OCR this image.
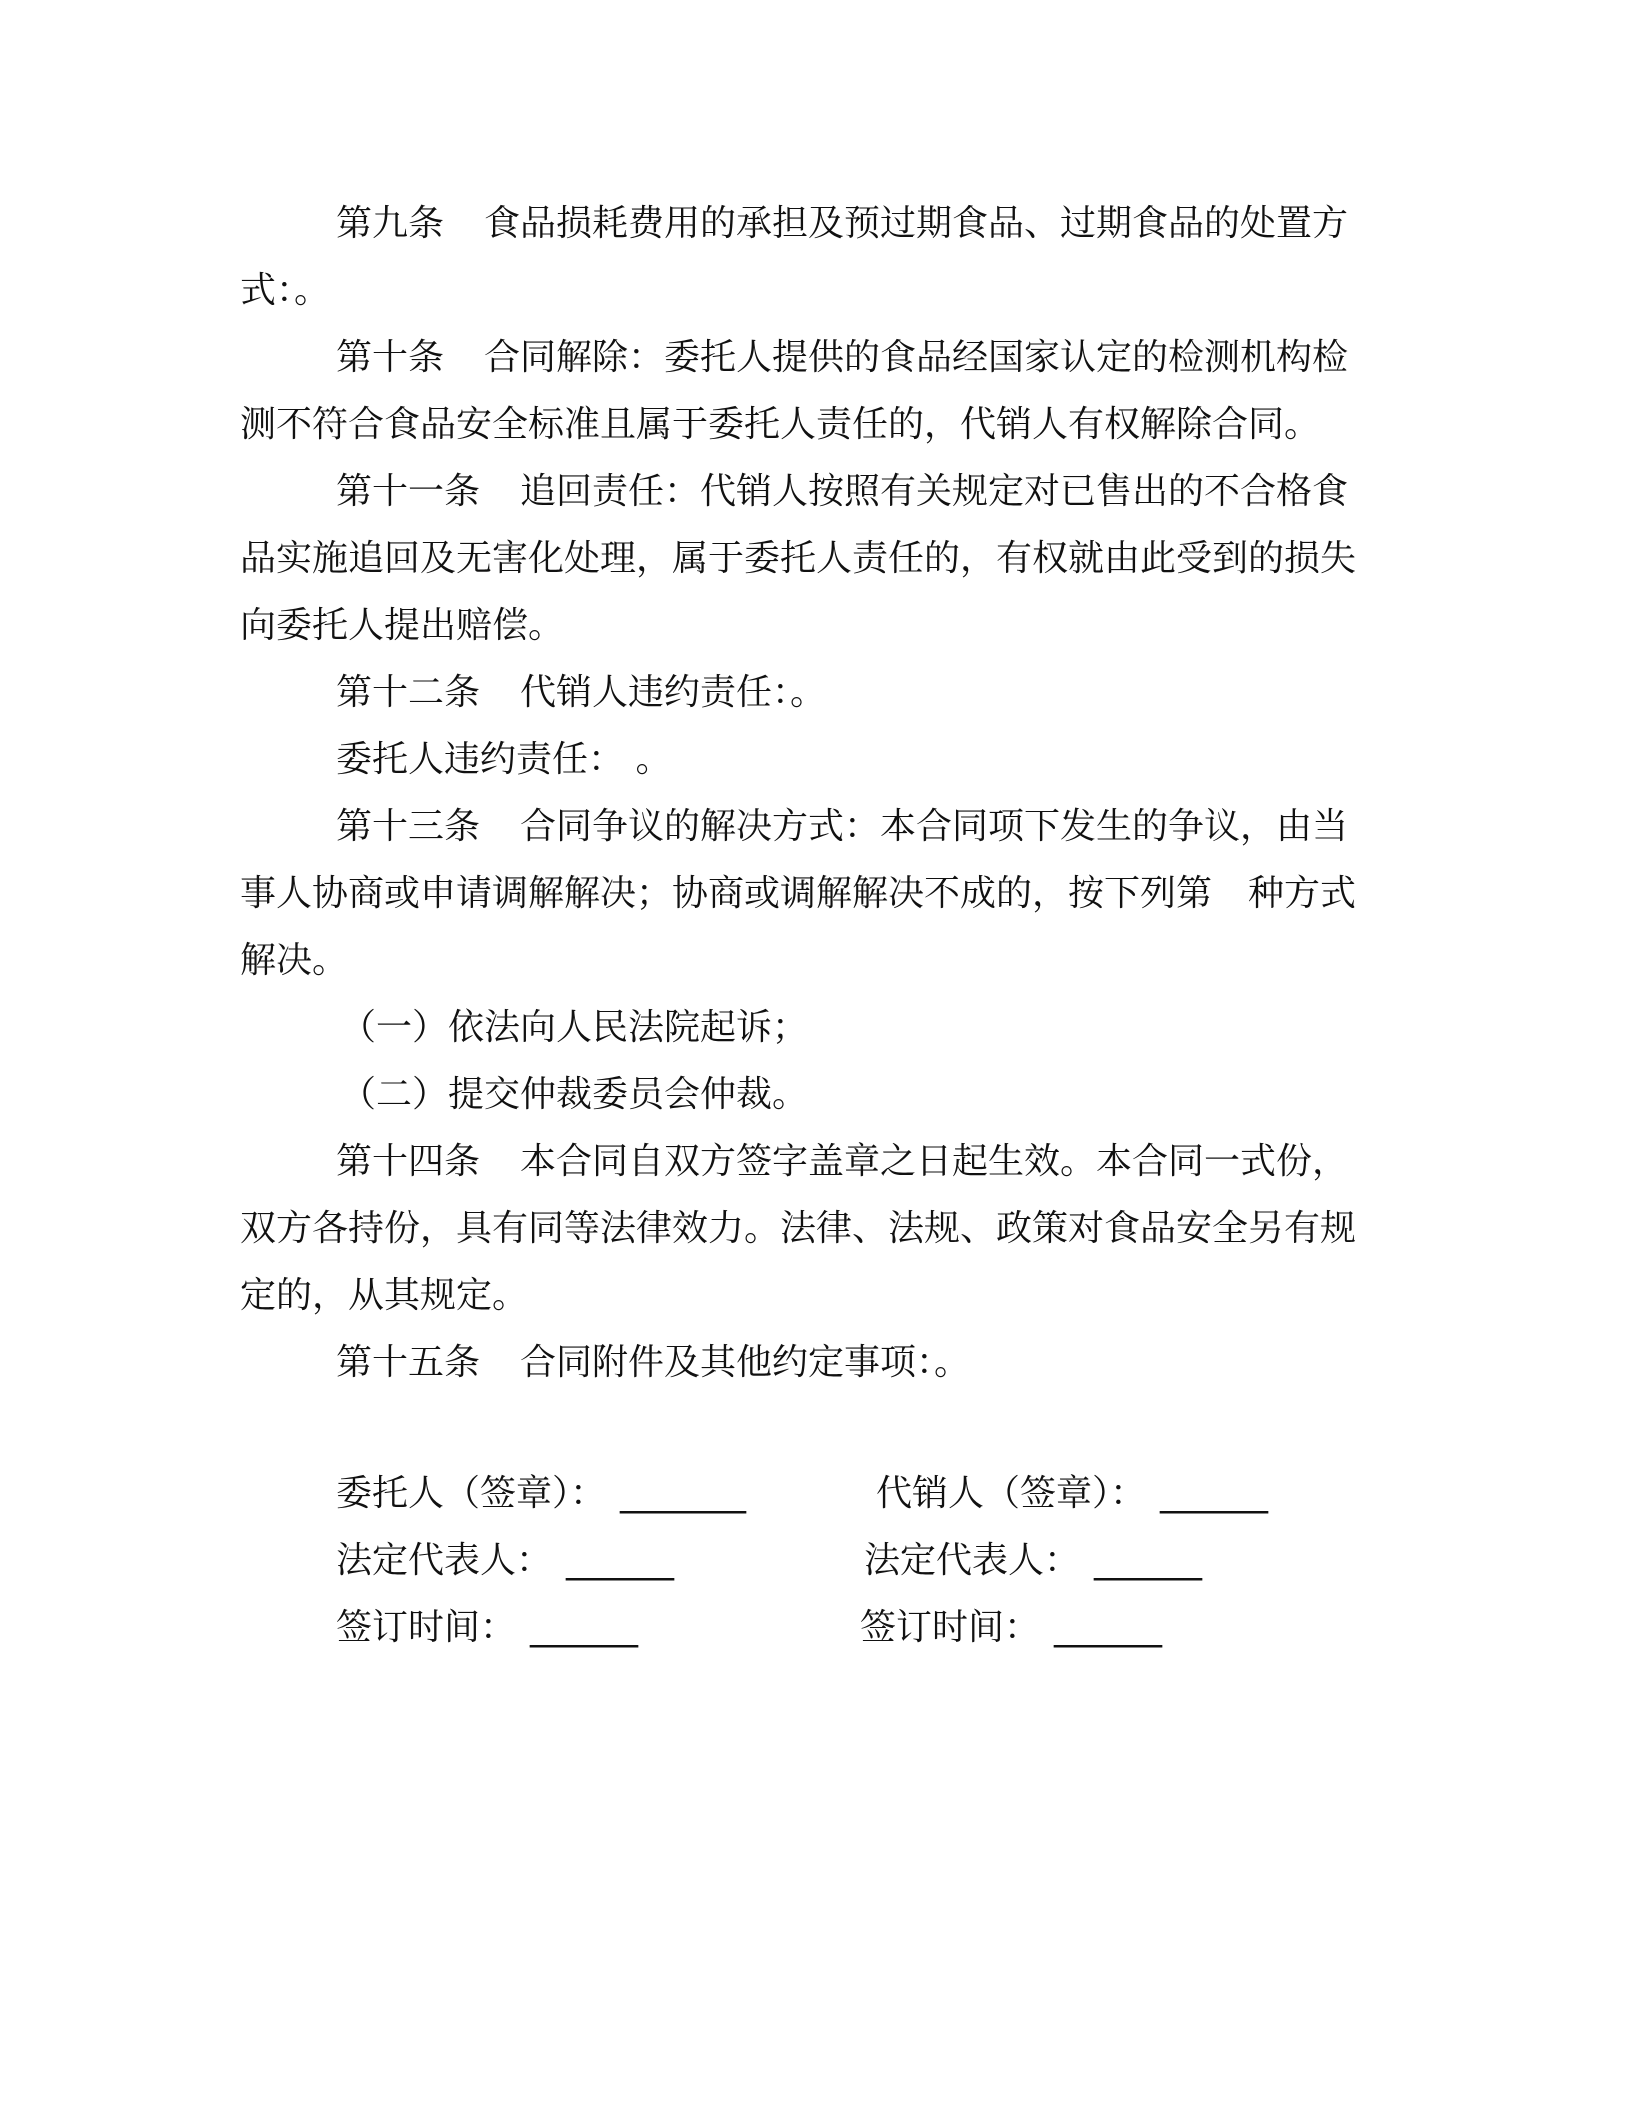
第九条 食品损耗费用的承担及预过期食品、过期食品的处置方式：。

第十条 合同解除：委托人提供的食品经国家认定的检测机构检测不符合食品安全标准且属于委托人责任的，代销人有权解除合同。

第十一条 追回责任：代销人按照有关规定对已售出的不合格食品实施追回及无害化处理，属于委托人责任的，有权就由此受到的损失向委托人提出赔偿。

第十二条 代销人违约责任：。

委托人违约责任： 。

第十三条 合同争议的解决方式：本合同项下发生的争议，由当事人协商或申请调解解决；协商或调解解决不成的，按下列第　种方式解决。

（一）依法向人民法院起诉；

（二）提交仲裁委员会仲裁。

第十四条 本合同自双方签字盖章之日起生效。本合同一式份，双方各持份，具有同等法律效力。法律、法规、政策对食品安全另有规定的，从其规定。

第十五条 合同附件及其他约定事项：。

委托人（签章）： _______	代销人（签章）： ______
法定代表人： ______	法定代表人： ______
签订时间： ______	签订时间： ______
